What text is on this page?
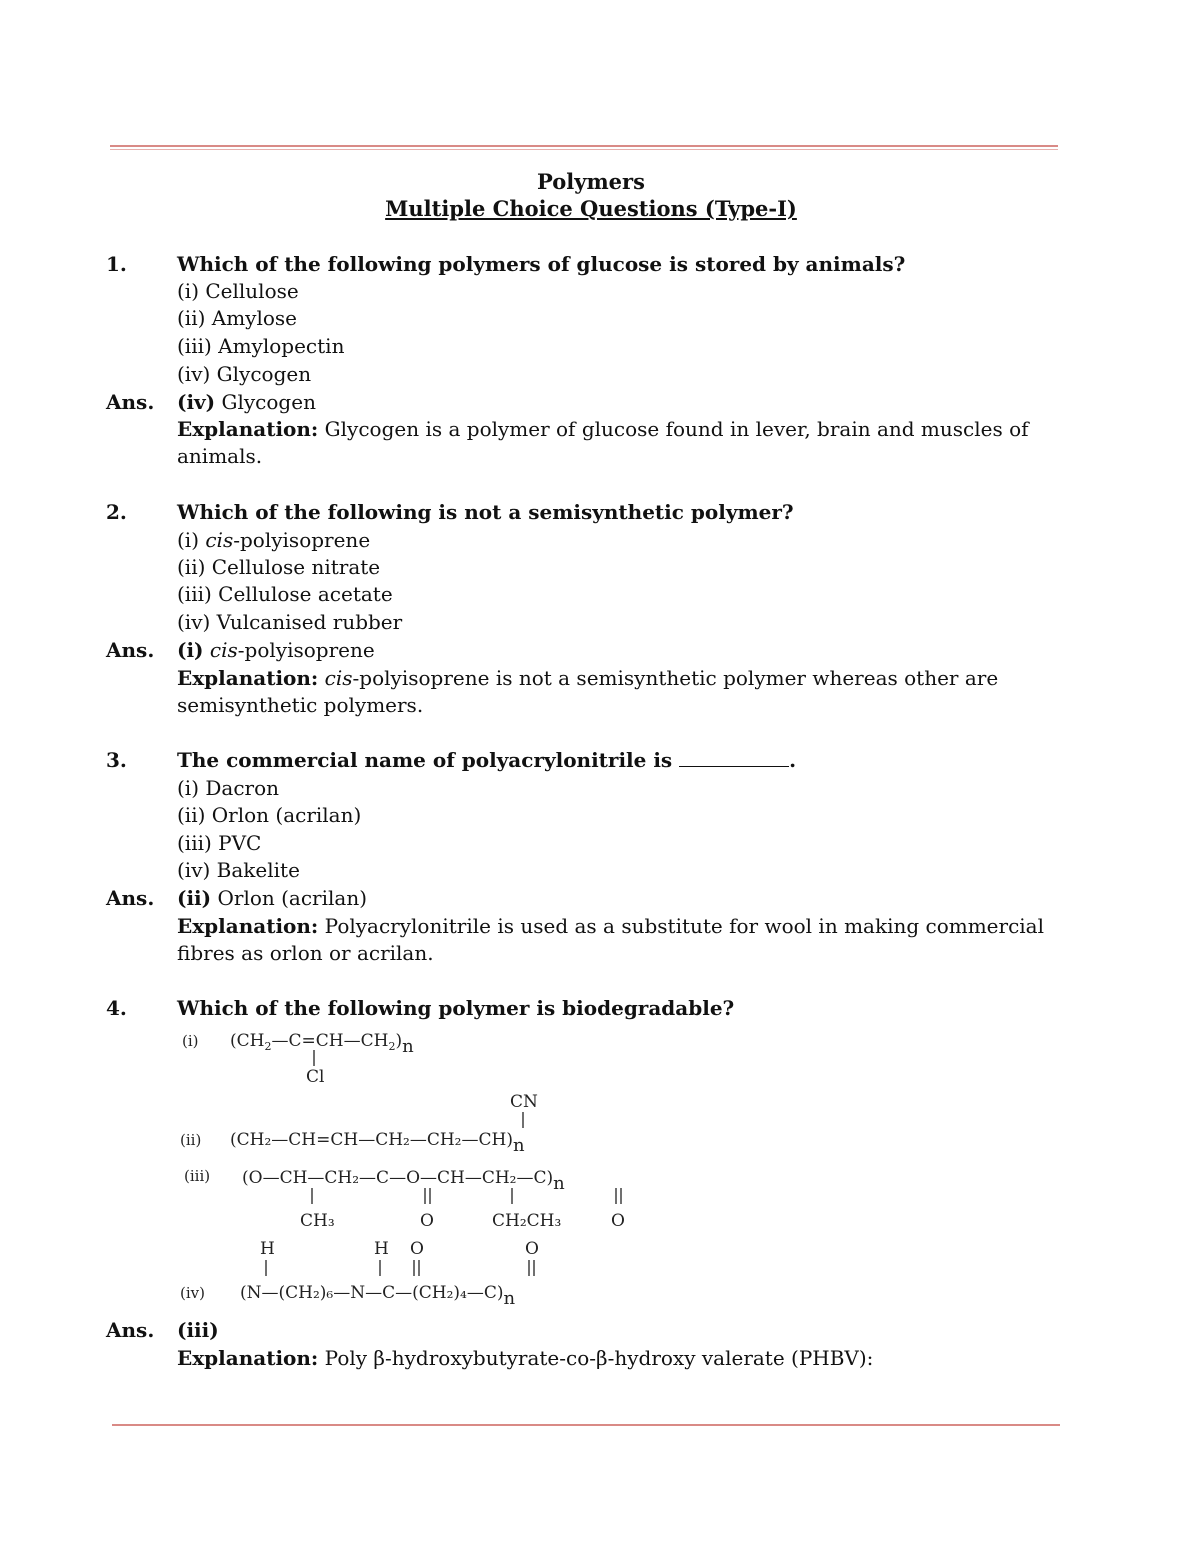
Polymers
Multiple Choice Questions (Type-I)
1.	Which of the following polymers of glucose is stored by animals?
(i) Cellulose
(ii) Amylose
(iii) Amylopectin
(iv) Glycogen
Ans. (iv) Glycogen
Explanation: Glycogen is a polymer of glucose found in lever, brain and muscles of
animals.
2.	Which of the following is not a semisynthetic polymer?
(i) cis-polyisoprene
(ii) Cellulose nitrate
(iii) Cellulose acetate
(iv) Vulcanised rubber
Ans. (i) cis-polyisoprene
Explanation: cis-polyisoprene is not a semisynthetic polymer whereas other are
semisynthetic polymers.
3.	The commercial name of polyacrylonitrile is	.
(i) Dacron
(ii) Orlon (acrilan)
(iii) PVC
(iv) Bakelite
Ans. (ii) Orlon (acrilan)
Explanation: Polyacrylonitrile is used as a substitute for wool in making commercial
fibres as orlon or acrilan.
4.	Which of the following polymer is biodegradable?
(i) $(CH_2—C=CH—CH_2)n$
Cl
CN
(ii) (CH₂—CH=CH—CH₂—CH₂—CH)n
(iii) (O—CH—CH₂—C—O—CH—CH₂—C)n
CH₃	O	CH₂CH₃	O
H	H O	O
(iv) (N—(CH₂)₆—N—C—(CH₂)₄—C)n
Ans. (iii)
Explanation: Poly β-hydroxybutyrate-co-β-hydroxy valerate (PHBV):
